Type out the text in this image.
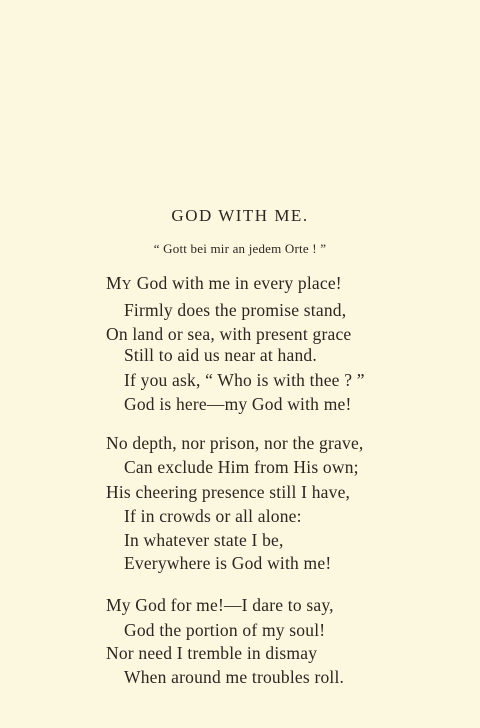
GOD WITH ME.
“ Gott bei mir an jedem Orte ! ”
MY God with me in every place!
Firmly does the promise stand,
On land or sea, with present grace
Still to aid us near at hand.
If you ask, “ Who is with thee ? ”
God is here—my God with me!
No depth, nor prison, nor the grave,
Can exclude Him from His own;
His cheering presence still I have,
If in crowds or all alone:
In whatever state I be,
Everywhere is God with me!
My God for me!—I dare to say,
God the portion of my soul!
Nor need I tremble in dismay
When around me troubles roll.
